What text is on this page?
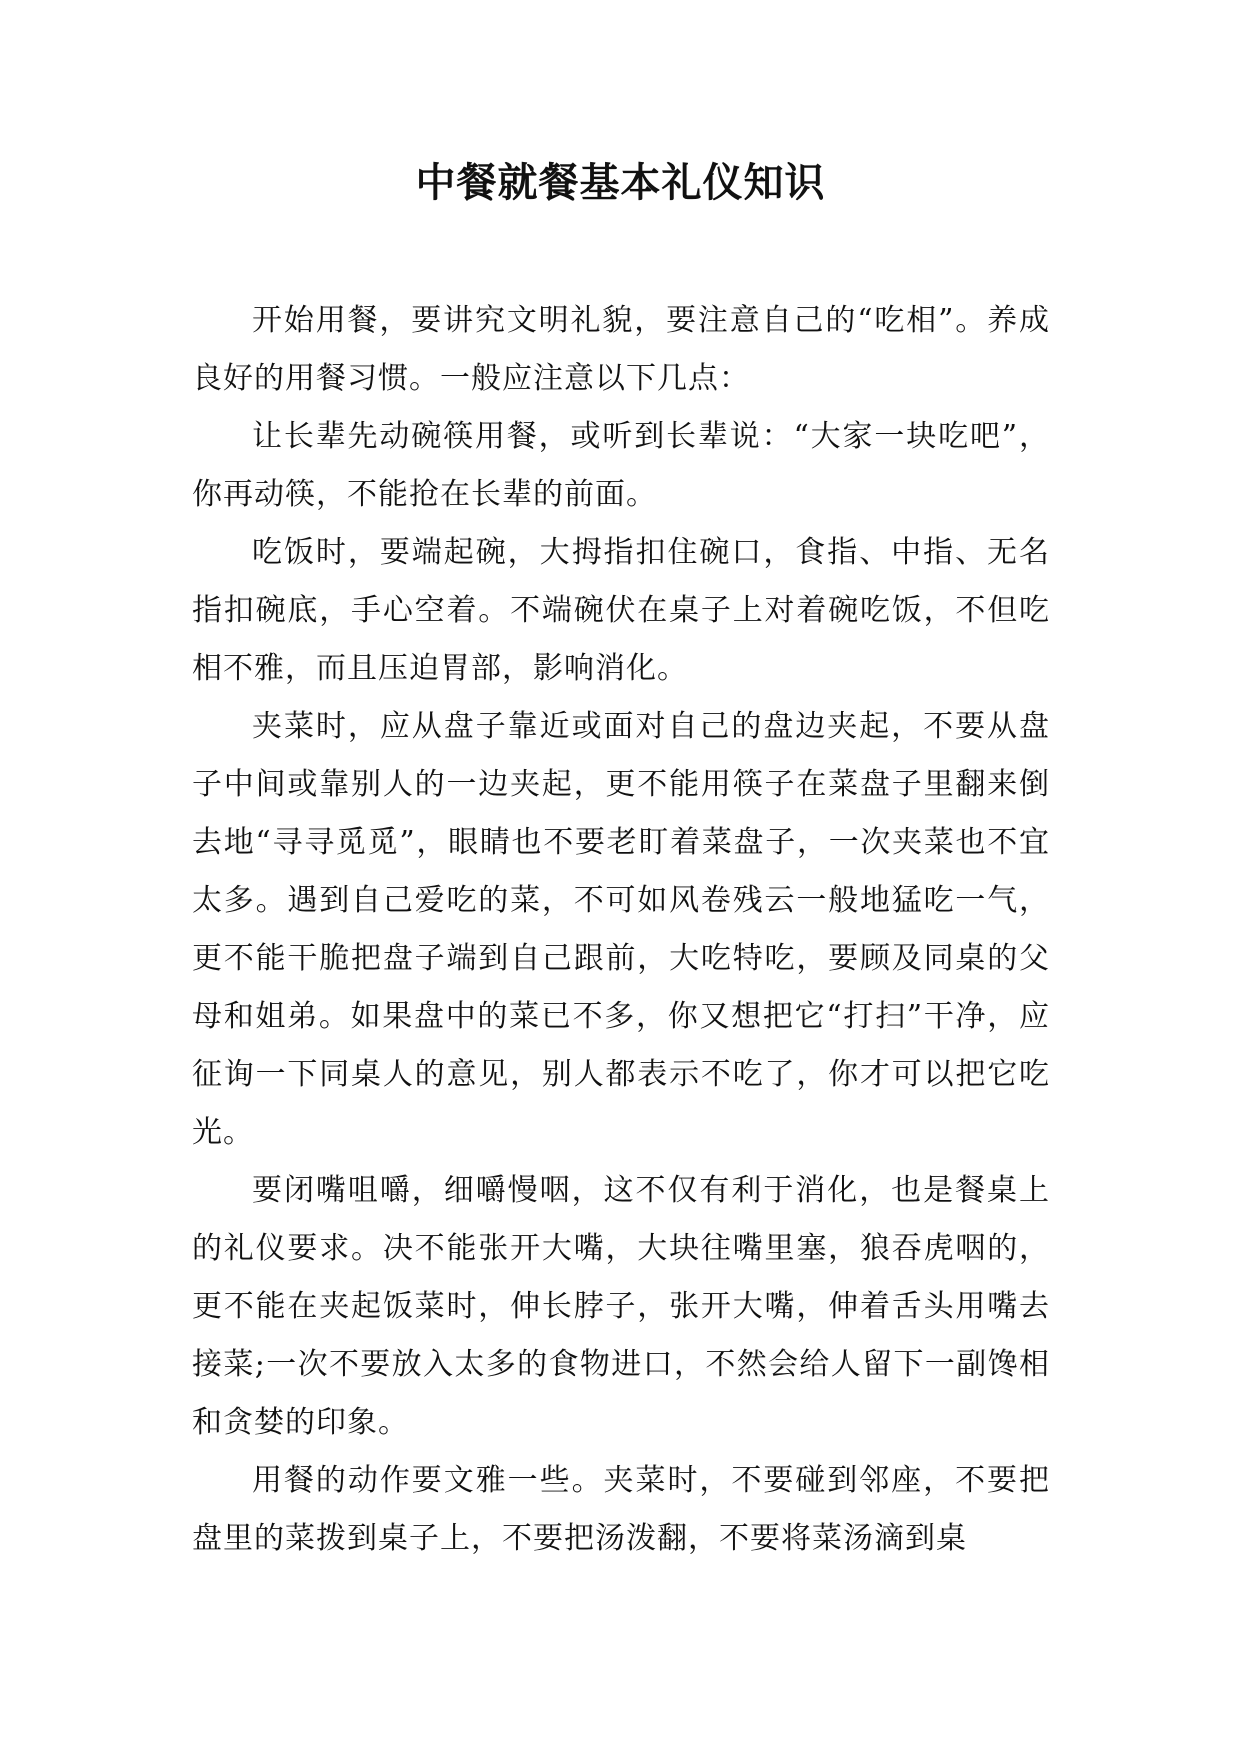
中餐就餐基本礼仪知识

开始用餐，要讲究文明礼貌，要注意自己的“吃相”。养成良好的用餐习惯。一般应注意以下几点：

让长辈先动碗筷用餐，或听到长辈说：“大家一块吃吧”，你再动筷，不能抢在长辈的前面。

吃饭时，要端起碗，大拇指扣住碗口，食指、中指、无名指扣碗底，手心空着。不端碗伏在桌子上对着碗吃饭，不但吃相不雅，而且压迫胃部，影响消化。

夹菜时，应从盘子靠近或面对自己的盘边夹起，不要从盘子中间或靠别人的一边夹起，更不能用筷子在菜盘子里翻来倒去地“寻寻觅觅”，眼睛也不要老盯着菜盘子，一次夹菜也不宜太多。遇到自己爱吃的菜，不可如风卷残云一般地猛吃一气，更不能干脆把盘子端到自己跟前，大吃特吃，要顾及同桌的父母和姐弟。如果盘中的菜已不多，你又想把它“打扫”干净，应征询一下同桌人的意见，别人都表示不吃了，你才可以把它吃光。

要闭嘴咀嚼，细嚼慢咽，这不仅有利于消化，也是餐桌上的礼仪要求。决不能张开大嘴，大块往嘴里塞，狼吞虎咽的，更不能在夹起饭菜时，伸长脖子，张开大嘴，伸着舌头用嘴去接菜;一次不要放入太多的食物进口，不然会给人留下一副馋相和贪婪的印象。

用餐的动作要文雅一些。夹菜时，不要碰到邻座，不要把盘里的菜拨到桌子上，不要把汤泼翻，不要将菜汤滴到桌
